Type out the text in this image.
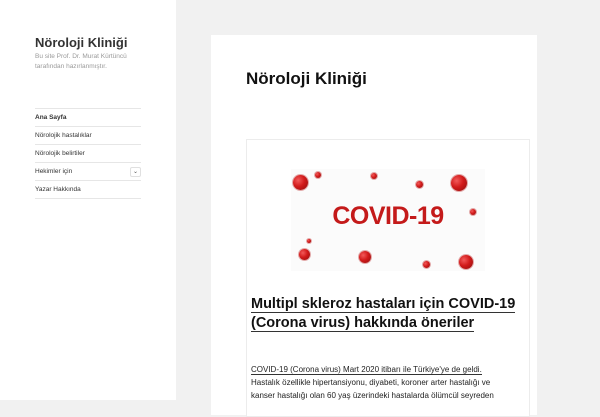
Nöroloji Kliniği
Bu site Prof. Dr. Murat Kürtüncü tarafından hazırlanmıştır.
Ana Sayfa
Nörolojik hastalıklar
Nörolojik belirtiler
Hekimler için	⌄
Yazar Hakkında
Nöroloji Kliniği
COVID-19
Multipl skleroz hastaları için COVID-19 (Corona virus) hakkında öneriler
COVID-19 (Corona virus) Mart 2020 itibarı ile Türkiye'ye de geldi.
Hastalık özellikle hipertansiyonu, diyabeti, koroner arter hastalığı ve
kanser hastalığı olan 60 yaş üzerindeki hastalarda ölümcül seyreden
